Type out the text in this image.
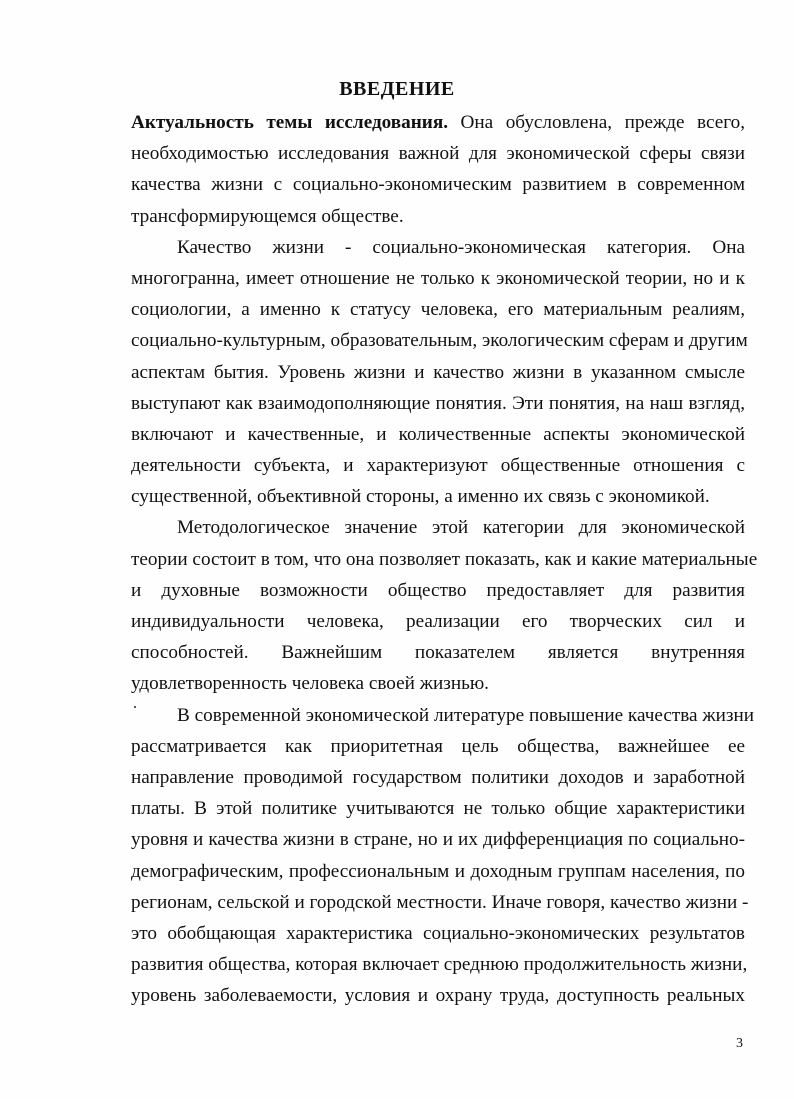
ВВЕДЕНИЕ
Актуальность темы исследования. Она обусловлена, прежде всего,
необходимостью исследования важной для экономической сферы связи
качества жизни с социально-экономическим развитием в современном
трансформирующемся обществе.
Качество жизни - социально-экономическая категория. Она
многогранна, имеет отношение не только к экономической теории, но и к
социологии, а именно к статусу человека, его материальным реалиям,
социально-культурным, образовательным, экологическим сферам и другим
аспектам бытия. Уровень жизни и качество жизни в указанном смысле
выступают как взаимодополняющие понятия. Эти понятия, на наш взгляд,
включают и качественные, и количественные аспекты экономической
деятельности субъекта, и характеризуют общественные отношения с
существенной, объективной стороны, а именно их связь с экономикой.
Методологическое значение этой категории для экономической
теории состоит в том, что она позволяет показать, как и какие материальные
и духовные возможности общество предоставляет для развития
индивидуальности человека, реализации его творческих сил и
способностей. Важнейшим показателем является внутренняя
удовлетворенность человека своей жизнью.
В современной экономической литературе повышение качества жизни
рассматривается как приоритетная цель общества, важнейшее ее
направление проводимой государством политики доходов и заработной
платы. В этой политике учитываются не только общие характеристики
уровня и качества жизни в стране, но и их дифференциация по социально-
демографическим, профессиональным и доходным группам населения, по
регионам, сельской и городской местности. Иначе говоря, качество жизни -
это обобщающая характеристика социально-экономических результатов
развития общества, которая включает среднюю продолжительность жизни,
уровень заболеваемости, условия и охрану труда, доступность реальных
3
